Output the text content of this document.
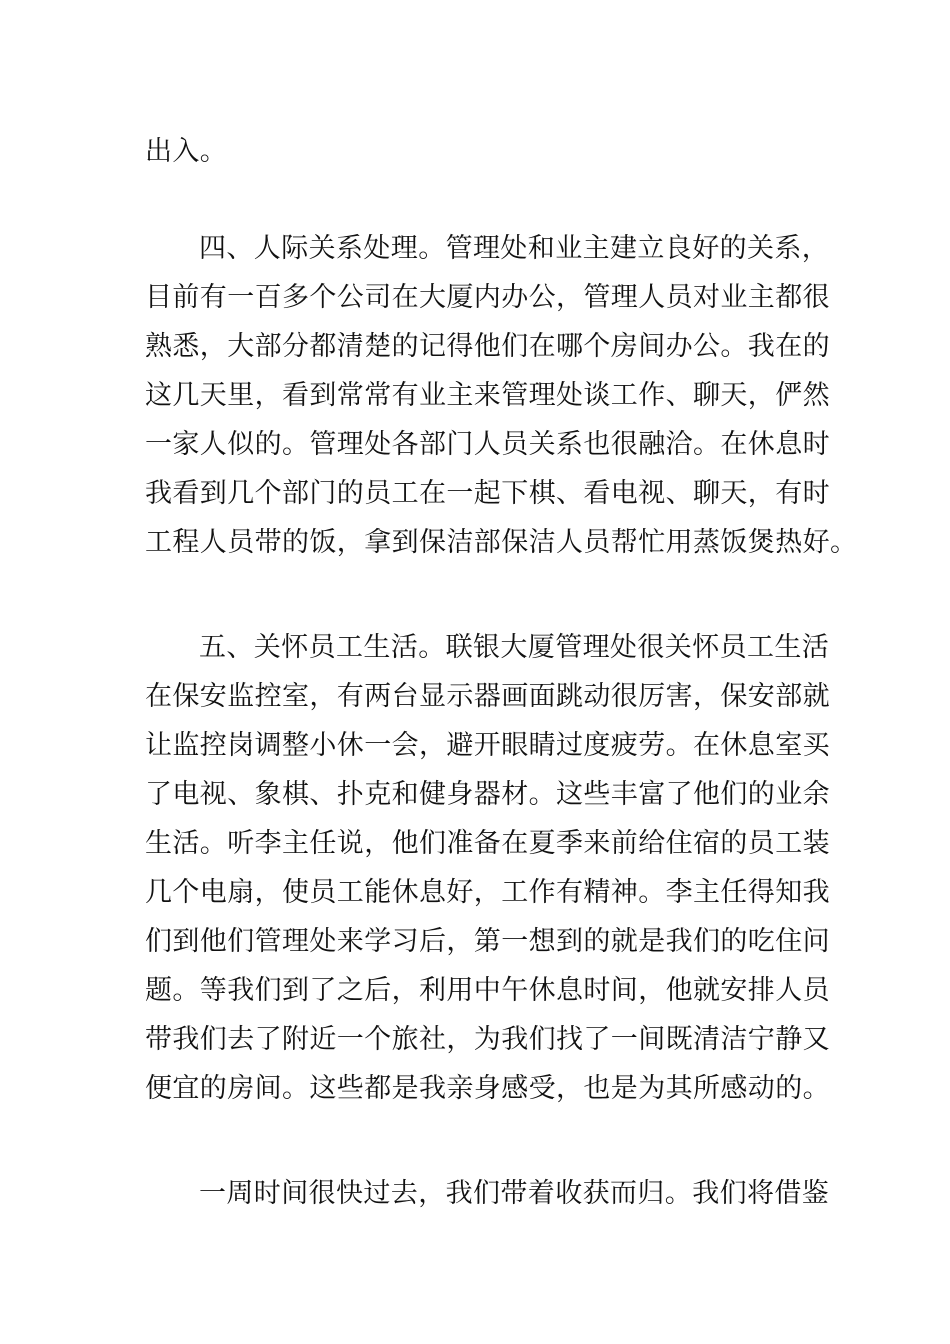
出入。
四、人际关系处理。管理处和业主建立良好的关系，
目前有一百多个公司在大厦内办公，管理人员对业主都很
熟悉，大部分都清楚的记得他们在哪个房间办公。我在的
这几天里，看到常常有业主来管理处谈工作、聊天，俨然
一家人似的。管理处各部门人员关系也很融洽。在休息时
我看到几个部门的员工在一起下棋、看电视、聊天，有时
工程人员带的饭，拿到保洁部保洁人员帮忙用蒸饭煲热好。
五、关怀员工生活。联银大厦管理处很关怀员工生活
在保安监控室，有两台显示器画面跳动很厉害，保安部就
让监控岗调整小休一会，避开眼睛过度疲劳。在休息室买
了电视、象棋、扑克和健身器材。这些丰富了他们的业余
生活。听李主任说，他们准备在夏季来前给住宿的员工装
几个电扇，使员工能休息好，工作有精神。李主任得知我
们到他们管理处来学习后，第一想到的就是我们的吃住问
题。等我们到了之后，利用中午休息时间，他就安排人员
带我们去了附近一个旅社，为我们找了一间既清洁宁静又
便宜的房间。这些都是我亲身感受，也是为其所感动的。
一周时间很快过去，我们带着收获而归。我们将借鉴
